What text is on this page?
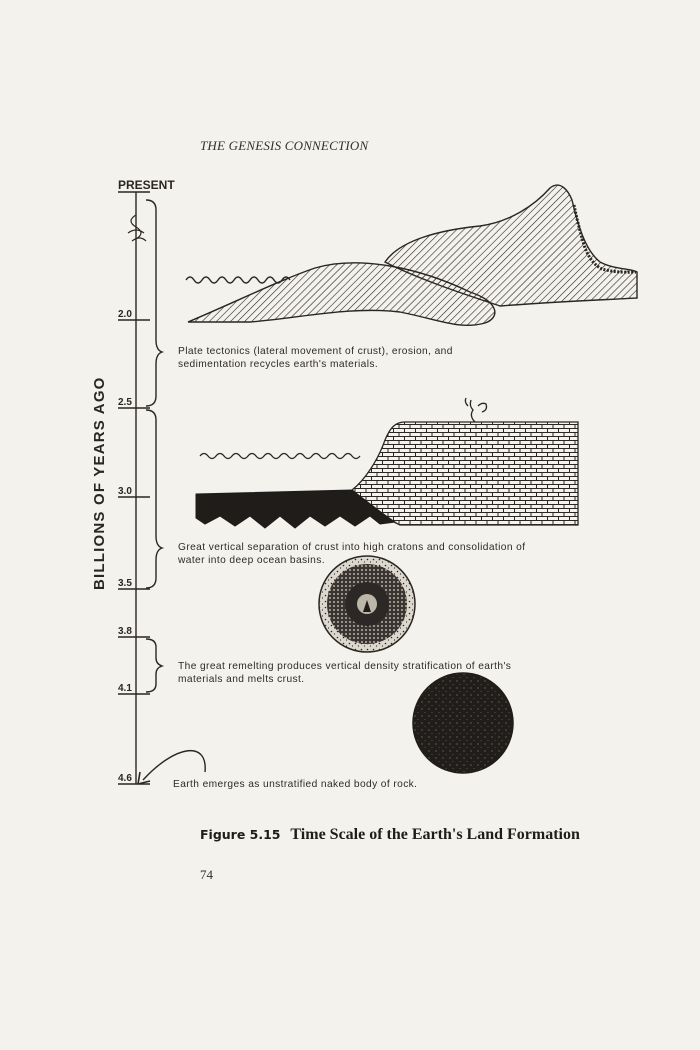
THE GENESIS CONNECTION
PRESENT
2.0
2.5
3.0
3.5
3.8
4.1
4.6
BILLIONS OF YEARS AGO
Plate tectonics (lateral movement of crust), erosion, and sedimentation recycles earth's materials.
Great vertical separation of crust into high cratons and consolidation of water into deep ocean basins.
The great remelting produces vertical density stratification of earth's materials and melts crust.
Earth emerges as unstratified naked body of rock.
Figure 5.15 Time Scale of the Earth's Land Formation
74
